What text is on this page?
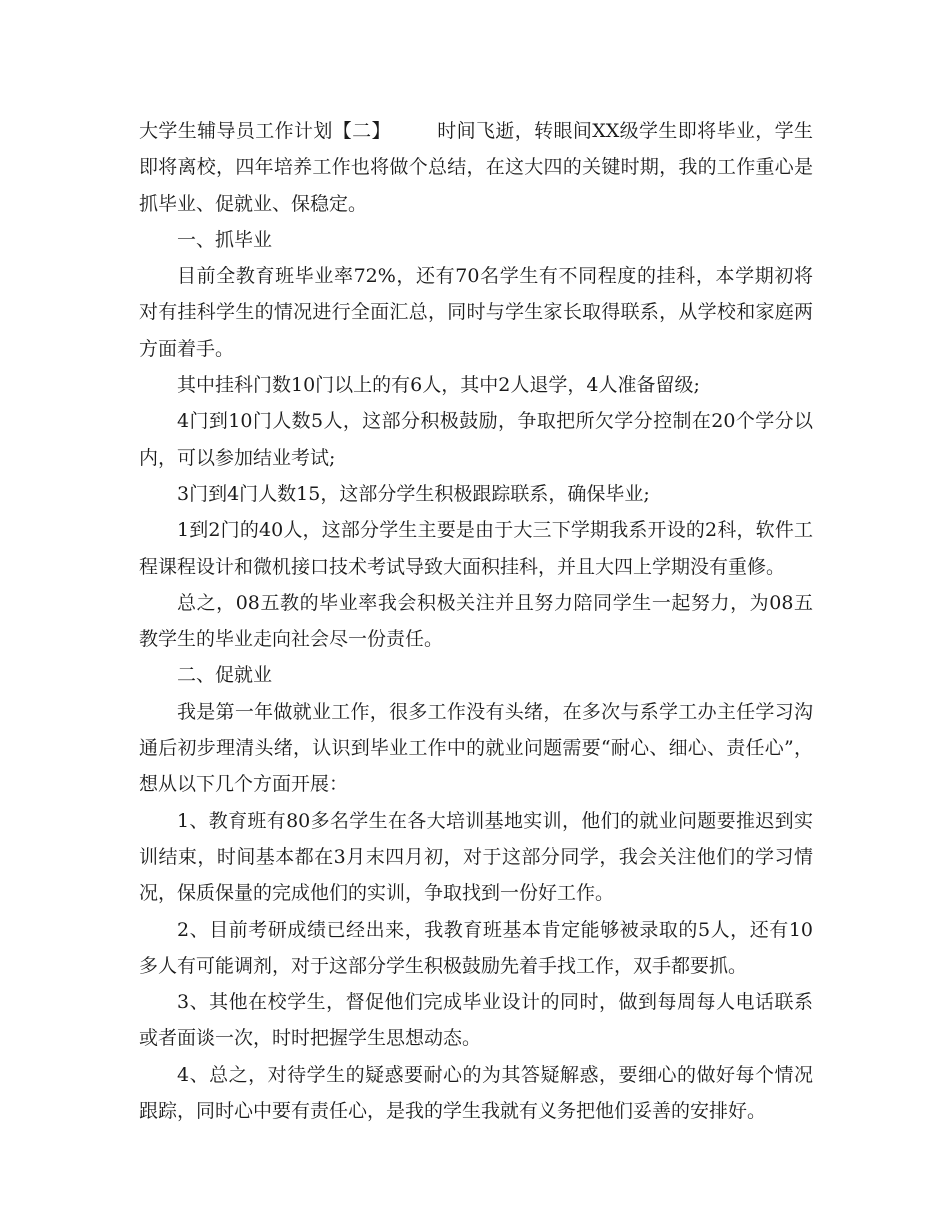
大学生辅导员工作计划【二】 时间飞逝，转眼间XX级学生即将毕业，学生即将离校，四年培养工作也将做个总结，在这大四的关键时期，我的工作重心是抓毕业、促就业、保稳定。

一、抓毕业

目前全教育班毕业率72%，还有70名学生有不同程度的挂科，本学期初将对有挂科学生的情况进行全面汇总，同时与学生家长取得联系，从学校和家庭两方面着手。

其中挂科门数10门以上的有6人，其中2人退学，4人准备留级;

4门到10门人数5人，这部分积极鼓励，争取把所欠学分控制在20个学分以内，可以参加结业考试;

3门到4门人数15，这部分学生积极跟踪联系，确保毕业;

1到2门的40人，这部分学生主要是由于大三下学期我系开设的2科，软件工程课程设计和微机接口技术考试导致大面积挂科，并且大四上学期没有重修。

总之，08五教的毕业率我会积极关注并且努力陪同学生一起努力，为08五教学生的毕业走向社会尽一份责任。

二、促就业

我是第一年做就业工作，很多工作没有头绪，在多次与系学工办主任学习沟通后初步理清头绪，认识到毕业工作中的就业问题需要“耐心、细心、责任心”，想从以下几个方面开展：

1、教育班有80多名学生在各大培训基地实训，他们的就业问题要推迟到实训结束，时间基本都在3月末四月初，对于这部分同学，我会关注他们的学习情况，保质保量的完成他们的实训，争取找到一份好工作。

2、目前考研成绩已经出来，我教育班基本肯定能够被录取的5人，还有10多人有可能调剂，对于这部分学生积极鼓励先着手找工作，双手都要抓。

3、其他在校学生，督促他们完成毕业设计的同时，做到每周每人电话联系或者面谈一次，时时把握学生思想动态。

4、总之，对待学生的疑惑要耐心的为其答疑解惑，要细心的做好每个情况跟踪，同时心中要有责任心，是我的学生我就有义务把他们妥善的安排好。
